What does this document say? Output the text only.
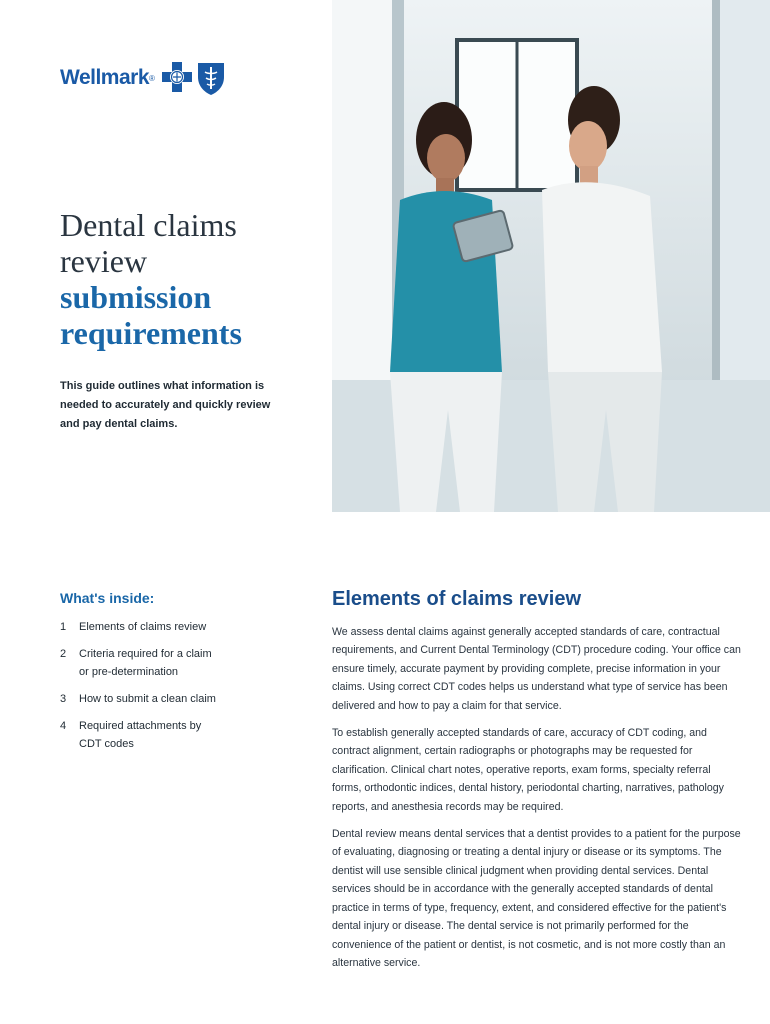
Wellmark ®
Dental claims
review
submission
requirements

This guide outlines what information is needed to accurately and quickly review and pay dental claims.

What's inside:
1	Elements of claims review
2	Criteria required for a claim
or pre-determination
3	How to submit a clean claim
4	Required attachments by
CDT codes
Elements of claims review

We assess dental claims against generally accepted standards of care, contractual requirements, and Current Dental Terminology (CDT) procedure coding. Your office can ensure timely, accurate payment by providing complete, precise information in your claims. Using correct CDT codes helps us understand what type of service has been delivered and how to pay a claim for that service.

To establish generally accepted standards of care, accuracy of CDT coding, and contract alignment, certain radiographs or photographs may be requested for clarification. Clinical chart notes, operative reports, exam forms, specialty referral forms, orthodontic indices, dental history, periodontal charting, narratives, pathology reports, and anesthesia records may be required.

Dental review means dental services that a dentist provides to a patient for the purpose of evaluating, diagnosing or treating a dental injury or disease or its symptoms. The dentist will use sensible clinical judgment when providing dental services. Dental services should be in accordance with the generally accepted standards of dental practice in terms of type, frequency, extent, and considered effective for the patient's dental injury or disease. The dental service is not primarily performed for the convenience of the patient or dentist, is not cosmetic, and is not more costly than an alternative service.
